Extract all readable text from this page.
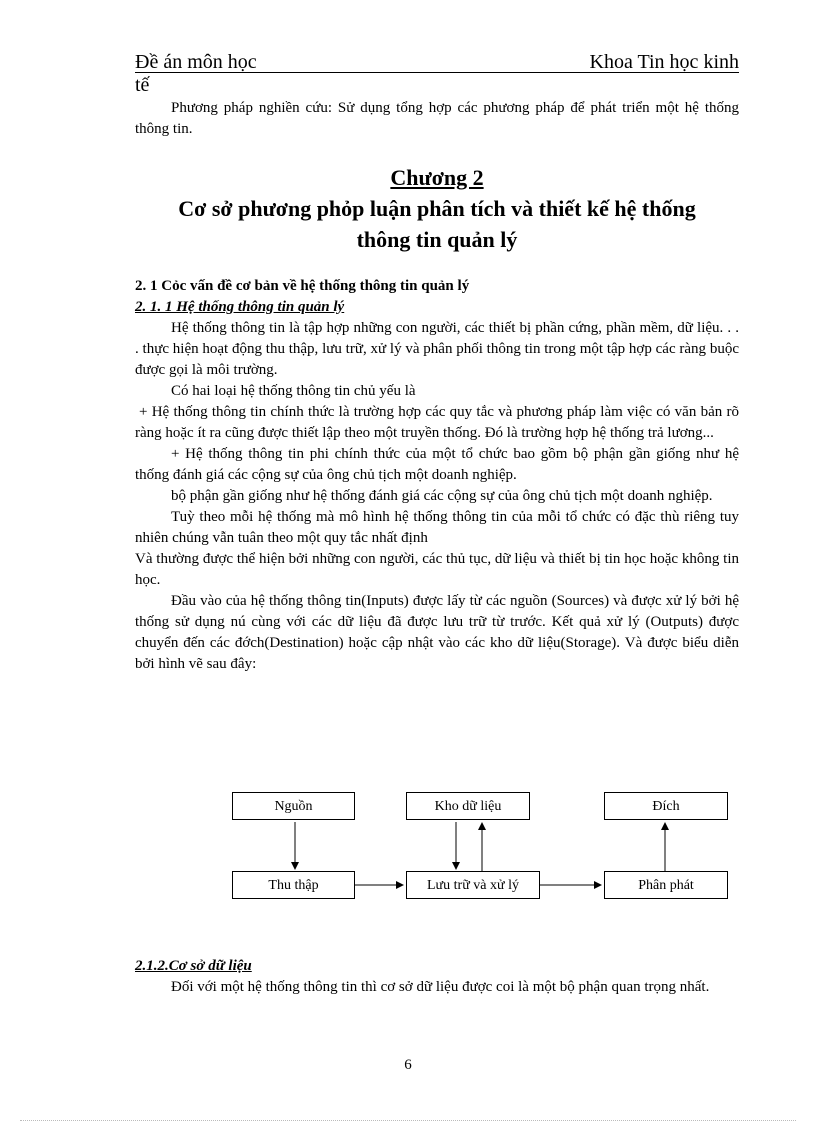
Đề án môn học	Khoa Tin học kinh
tế
Phương pháp nghiền cứu: Sử dụng tổng hợp các phương pháp để phát triển một hệ thống thông tin.
Chương 2
Cơ sở phương phỏp luận phân tích và thiết kế hệ thống
thông tin quản lý

2. 1 Cỏc vấn đề cơ bản về hệ thống thông tin quản lý

2. 1. 1 Hệ thống thông tin quản lý

Hệ thống thông tin là tập hợp những con người, các thiết bị phần cứng, phần mềm, dữ liệu. . . . thực hiện hoạt động thu thập, lưu trữ, xử lý và phân phối thông tin trong một tập hợp các ràng buộc được gọi là môi trường.

Có hai loại hệ thống thông tin chủ yếu là

+ Hệ thống thông tin chính thức là trường hợp các quy tắc và phương pháp làm việc có văn bản rõ ràng hoặc ít ra cũng được thiết lập theo một truyền thống. Đó là trường hợp hệ thống trả lương...

+ Hệ thống thông tin phi chính thức của một tổ chức bao gồm bộ phận gần giống như hệ thống đánh giá các cộng sự của ông chủ tịch một doanh nghiệp.

bộ phận gần giống như hệ thống đánh giá các cộng sự của ông chủ tịch một doanh nghiệp.

Tuỳ theo mỗi hệ thống mà mô hình hệ thống thông tin của mỗi tổ chức có đặc thù riêng tuy nhiên chúng vẫn tuân theo một quy tắc nhất định

Và thường được thể hiện bởi những con người, các thủ tục, dữ liệu và thiết bị tin học hoặc không tin học.

Đầu vào của hệ thống thông tin(Inputs) được lấy từ các nguồn (Sources) và được xử lý bởi hệ thống sử dụng nú cùng với các dữ liệu đã được lưu trữ từ trước. Kết quả xử lý (Outputs) được chuyển đến các đớch(Destination) hoặc cập nhật vào các kho dữ liệu(Storage). Và được biểu diễn bởi hình vẽ sau đây:

Nguồn	Kho dữ liệu	Đích
Thu thập	Lưu trữ và xử lý	Phân phát

2.1.2.Cơ sở dữ liệu

Đối với một hệ thống thông tin thì cơ sở dữ liệu được coi là một bộ phận quan trọng nhất.

6
